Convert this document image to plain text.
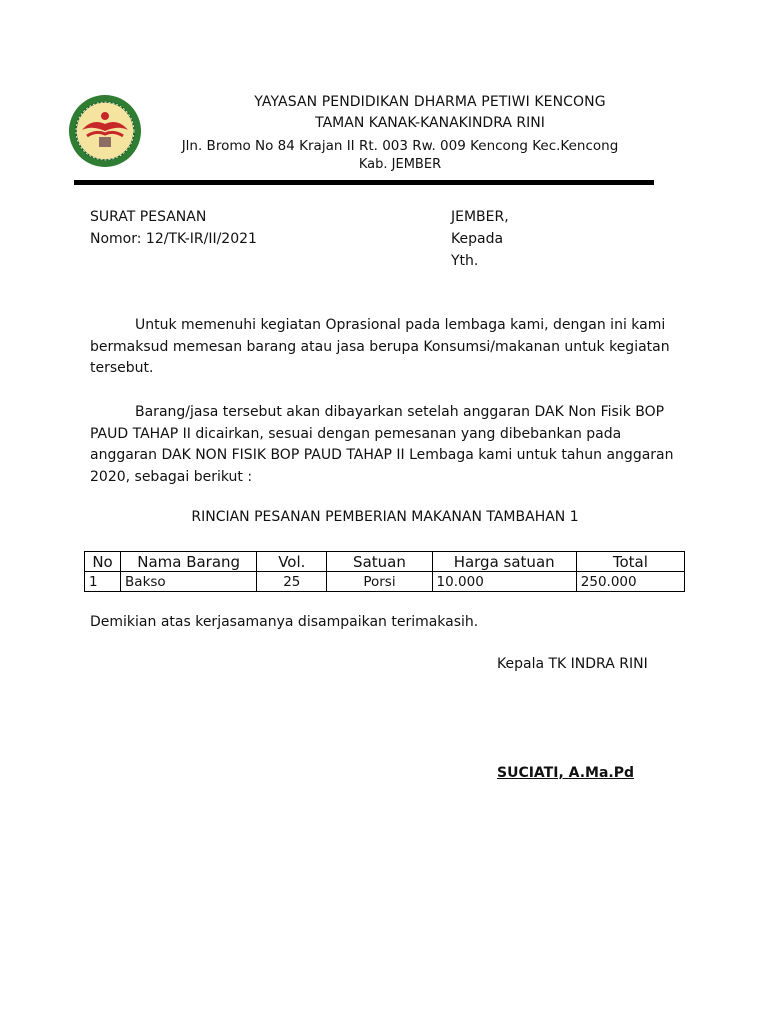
YAYASAN PENDIDIKAN DHARMA PETIWI KENCONG
TAMAN KANAK-KANAKINDRA RINI
Jln. Bromo No 84 Krajan II Rt. 003 Rw. 009 Kencong Kec.Kencong
Kab. JEMBER
SURAT PESANAN
Nomor: 12/TK-IR/II/2021
JEMBER,
Kepada
Yth.

Untuk memenuhi kegiatan Oprasional pada lembaga kami, dengan ini kami bermaksud memesan barang atau jasa berupa Konsumsi/makanan untuk kegiatan tersebut.

Barang/jasa tersebut akan dibayarkan setelah anggaran DAK Non Fisik BOP PAUD TAHAP II dicairkan, sesuai dengan pemesanan yang dibebankan pada anggaran DAK NON FISIK BOP PAUD TAHAP II Lembaga kami untuk tahun anggaran 2020, sebagai berikut :

RINCIAN PESANAN PEMBERIAN MAKANAN TAMBAHAN 1
No	Nama Barang	Vol.	Satuan	Harga satuan	Total
1	Bakso	25	Porsi	10.000	250.000
Demikian atas kerjasamanya disampaikan terimakasih.
Kepala TK INDRA RINI
SUCIATI, A.Ma.Pd
